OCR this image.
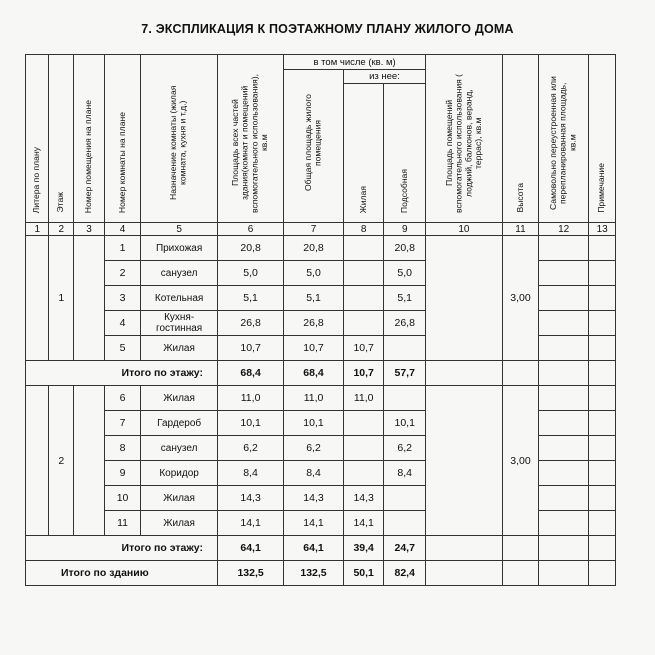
7. ЭКСПЛИКАЦИЯ К ПОЭТАЖНОМУ ПЛАНУ ЖИЛОГО ДОМА
Литера по плану	Этаж	Номер помещения на плане	Номер комнаты на плане	Назначение комнаты (жилая комната, кухня и т.д.)	Площадь всех частей здания(комнат и помещений вспомогательного использования), кв.м	в том числе (кв. м)			Площадь помещений вспомогательного использования ( лоджий, балконов, веранд, террас), кв.м	Высота	Самовольно переустроенная или перепланированная площадь, кв.м	Примечание
						Общая площадь жилого помещения	из нее:					
							Жилая	Подсобная				
1	2	3	4	5	6	7	8	9	10	11	12	13
	1		1	Прихожая	20,8	20,8		20,8		3,00		
			2	санузел	5,0	5,0		5,0				
			3	Котельная	5,1	5,1		5,1				
			4	Кухня-
гостинная	26,8	26,8		26,8				
			5	Жилая	10,7	10,7	10,7					
Итого по этажу:					68,4	68,4	10,7	57,7				
	2		6	Жилая	11,0	11,0	11,0			3,00		
			7	Гардероб	10,1	10,1		10,1				
			8	санузел	6,2	6,2		6,2				
			9	Коридор	8,4	8,4		8,4				
			10	Жилая	14,3	14,3	14,3					
			11	Жилая	14,1	14,1	14,1					
Итого по этажу:					64,1	64,1	39,4	24,7				
Итого по зданию					132,5	132,5	50,1	82,4				
